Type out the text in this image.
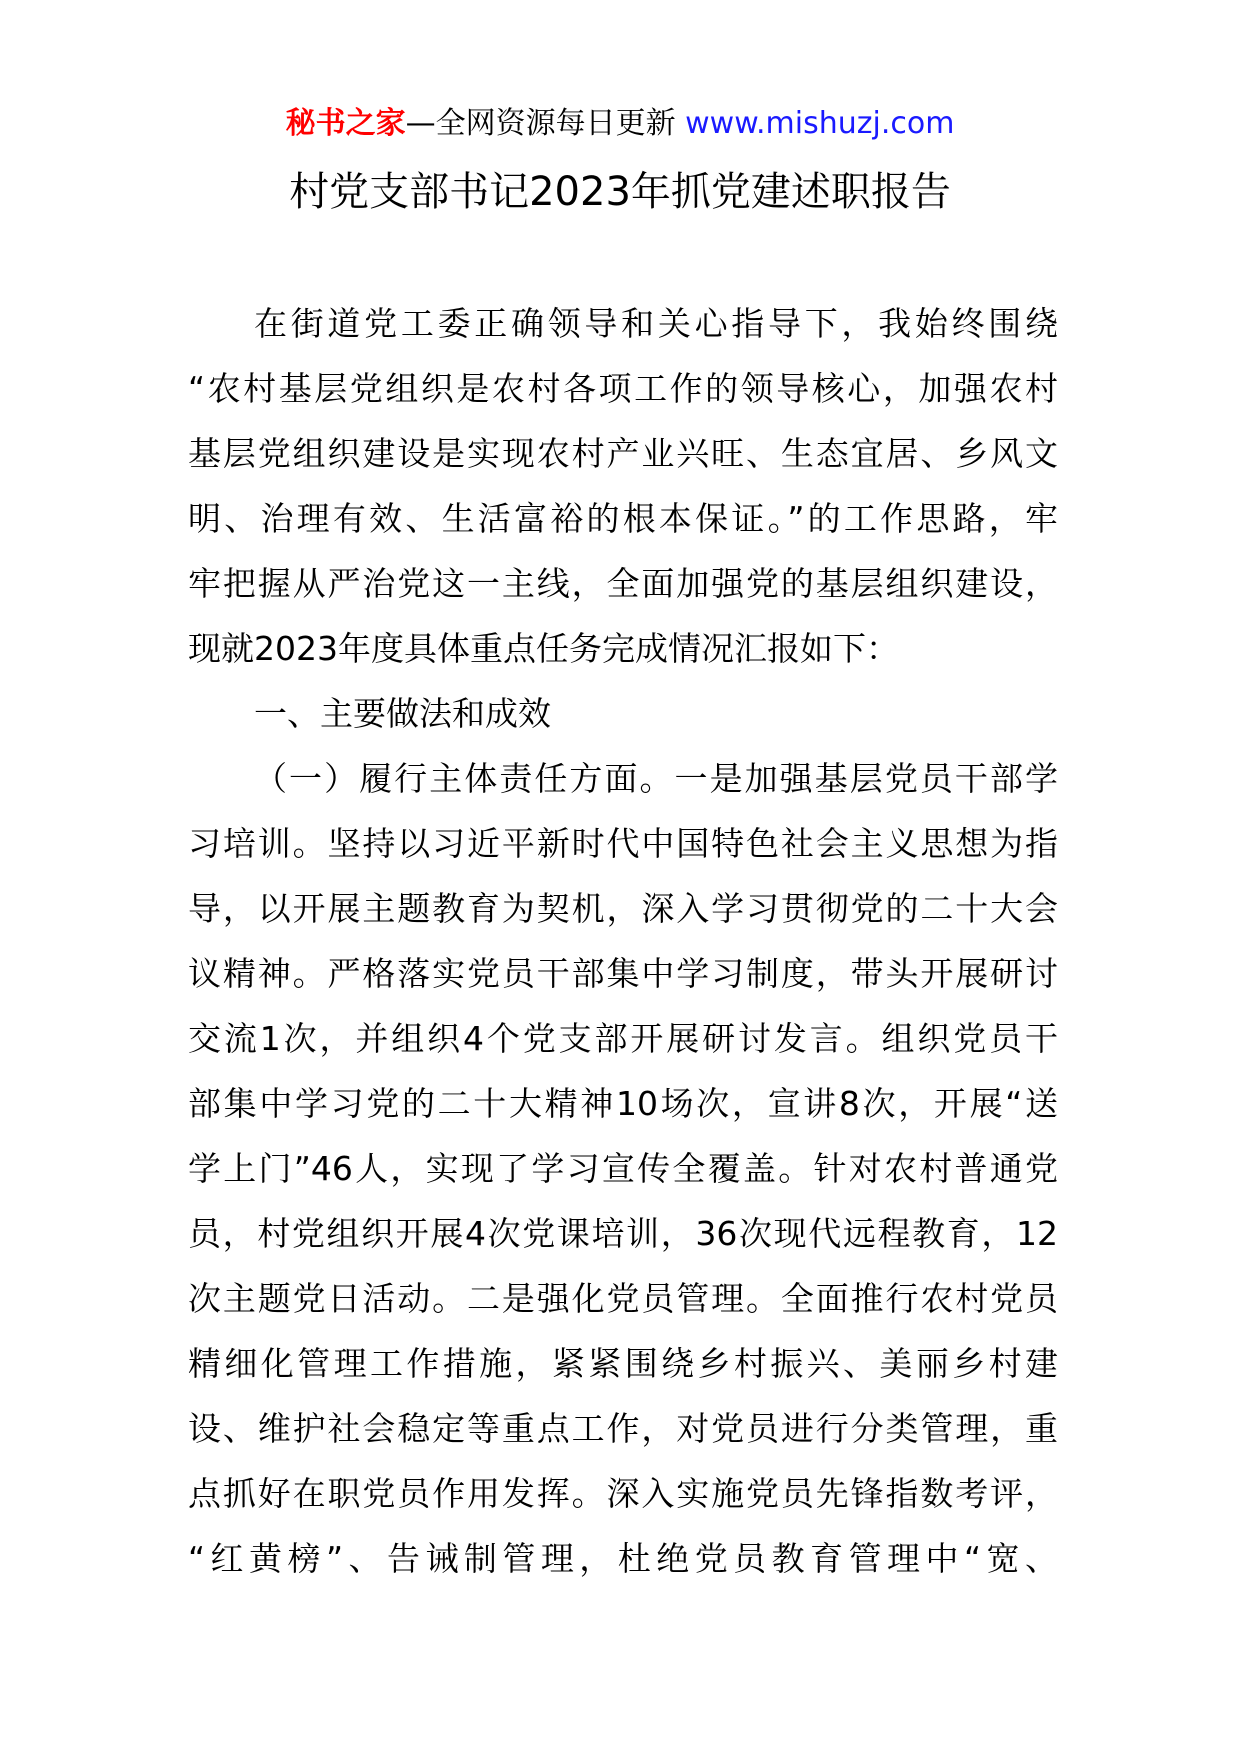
秘书之家—全网资源每日更新 www.mishuzj.com
村党支部书记2023年抓党建述职报告
在街道党工委正确领导和关心指导下，我始终围绕
“农村基层党组织是农村各项工作的领导核心，加强农村
基层党组织建设是实现农村产业兴旺、生态宜居、乡风文
明、治理有效、生活富裕的根本保证。”的工作思路，牢
牢把握从严治党这一主线，全面加强党的基层组织建设，
现就2023年度具体重点任务完成情况汇报如下：
一、主要做法和成效
（一）履行主体责任方面。一是加强基层党员干部学
习培训。坚持以习近平新时代中国特色社会主义思想为指
导，以开展主题教育为契机，深入学习贯彻党的二十大会
议精神。严格落实党员干部集中学习制度，带头开展研讨
交流1次，并组织4个党支部开展研讨发言。组织党员干
部集中学习党的二十大精神10场次，宣讲8次，开展“送
学上门”46人，实现了学习宣传全覆盖。针对农村普通党
员，村党组织开展4次党课培训，36次现代远程教育，12
次主题党日活动。二是强化党员管理。全面推行农村党员
精细化管理工作措施，紧紧围绕乡村振兴、美丽乡村建
设、维护社会稳定等重点工作，对党员进行分类管理，重
点抓好在职党员作用发挥。深入实施党员先锋指数考评，
“红黄榜”、告诫制管理，杜绝党员教育管理中“宽、
